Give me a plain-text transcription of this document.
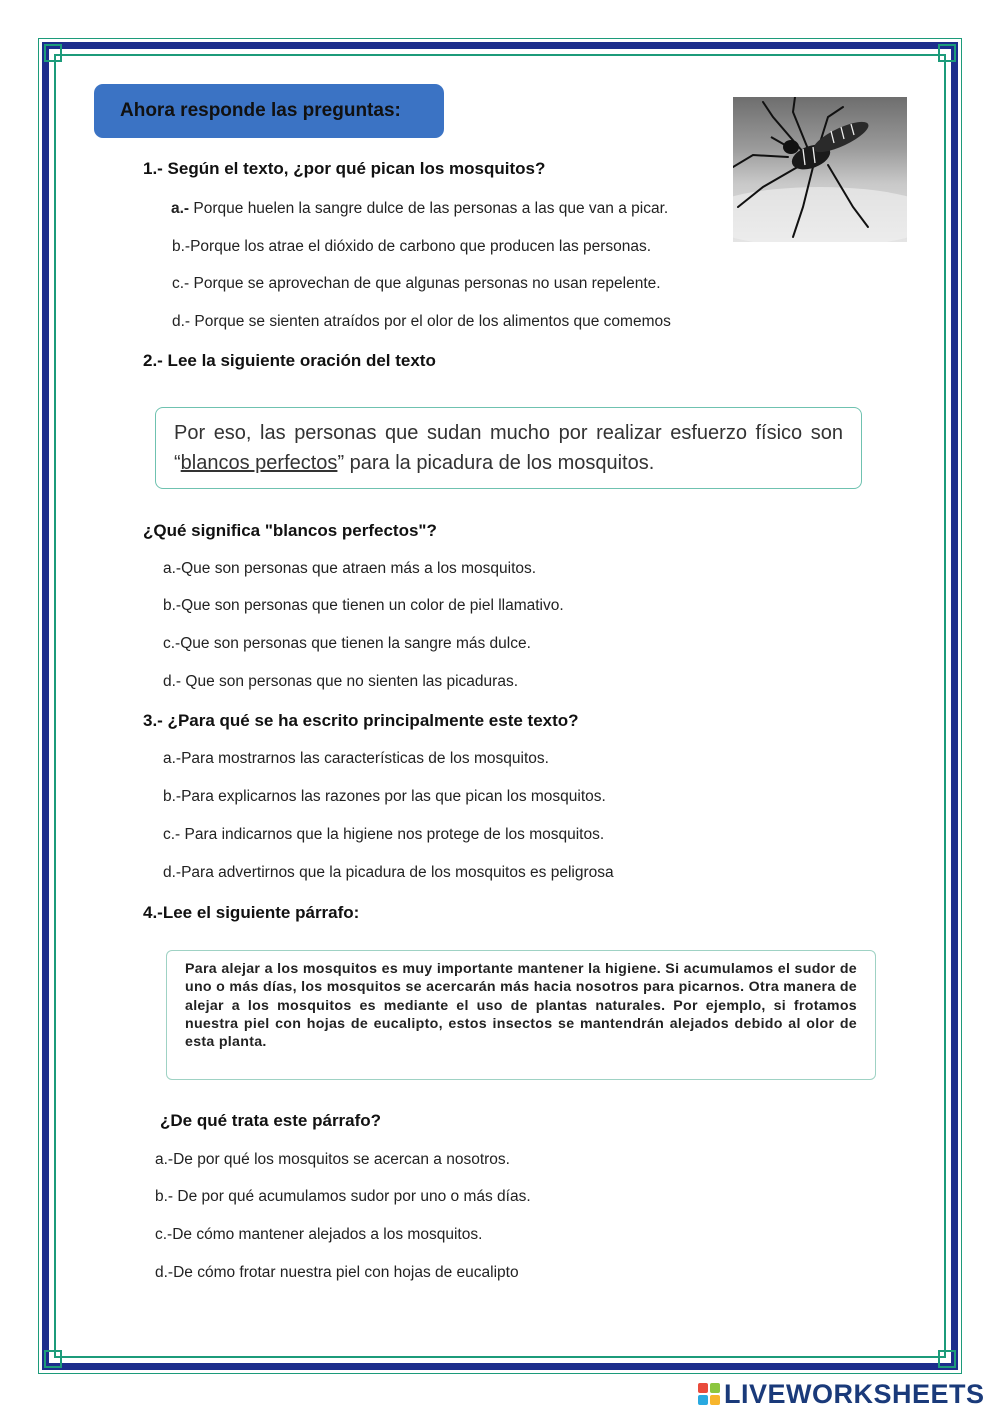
Ahora responde las preguntas:
1.- Según el texto, ¿por qué pican los mosquitos?
a.- Porque huelen la sangre dulce de las personas a las que van a picar.
b.-Porque los atrae el dióxido de carbono que producen las personas.
c.- Porque se aprovechan de que algunas personas no usan repelente.
d.- Porque se sienten atraídos por el olor de los alimentos que comemos
2.- Lee la siguiente oración del texto
Por eso, las personas que sudan mucho por realizar esfuerzo físico son “blancos perfectos” para la picadura de los mosquitos.
¿Qué significa "blancos perfectos"?
a.-Que son personas que atraen más a los mosquitos.
b.-Que son personas que tienen un color de piel llamativo.
c.-Que son personas que tienen la sangre más dulce.
d.- Que son personas que no sienten las picaduras.
3.- ¿Para qué se ha escrito principalmente este texto?
a.-Para mostrarnos las características de los mosquitos.
b.-Para explicarnos las razones por las que pican los mosquitos.
c.- Para indicarnos que la higiene nos protege de los mosquitos.
d.-Para advertirnos que la picadura de los mosquitos es peligrosa
4.-Lee el siguiente párrafo:
Para alejar a los mosquitos es muy importante mantener la higiene. Si acumulamos el sudor de uno o más días, los mosquitos se acercarán más hacia nosotros para picarnos. Otra manera de alejar a los mosquitos es mediante el uso de plantas naturales. Por ejemplo, si frotamos nuestra piel con hojas de eucalipto, estos insectos se mantendrán alejados debido al olor de esta planta.
¿De qué trata este párrafo?
a.-De por qué los mosquitos se acercan a nosotros.
b.- De por qué acumulamos sudor por uno o más días.
c.-De cómo mantener alejados a los mosquitos.
d.-De cómo frotar nuestra piel con hojas de eucalipto
LIVEWORKSHEETS
